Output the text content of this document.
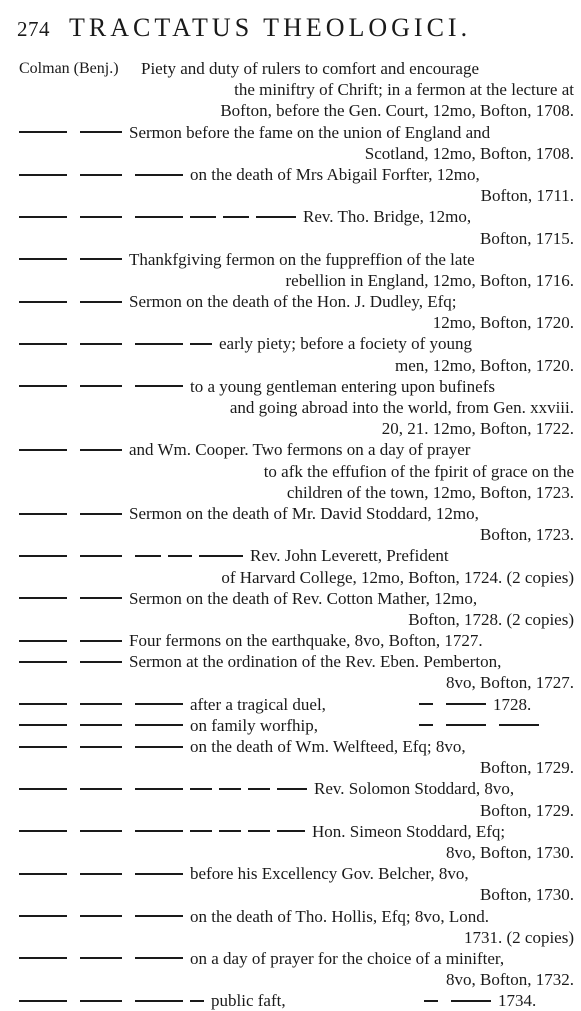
274 TRACTATUS THEOLOGICI.
Colman (Benj.) Piety and duty of rulers to comfort and encourage
the miniftry of Chrift; in a fermon at the lecture at
Bofton, before the Gen. Court, 12mo, Bofton, 1708.
Sermon before the fame on the union of England and
Scotland, 12mo, Bofton, 1708.
on the death of Mrs Abigail Forfter, 12mo,
Bofton, 1711.
Rev. Tho. Bridge, 12mo,
Bofton, 1715.
Thankfgiving fermon on the fuppreffion of the late
rebellion in England, 12mo, Bofton, 1716.
Sermon on the death of the Hon. J. Dudley, Efq;
12mo, Bofton, 1720.
early piety; before a fociety of young
men, 12mo, Bofton, 1720.
to a young gentleman entering upon bufinefs
and going abroad into the world, from Gen. xxviii.
20, 21. 12mo, Bofton, 1722.
and Wm. Cooper. Two fermons on a day of prayer
to afk the effufion of the fpirit of grace on the
children of the town, 12mo, Bofton, 1723.
Sermon on the death of Mr. David Stoddard, 12mo,
Bofton, 1723.
Rev. John Leverett, Prefident
of Harvard College, 12mo, Bofton, 1724. (2 copies)
Sermon on the death of Rev. Cotton Mather, 12mo,
Bofton, 1728. (2 copies)
Four fermons on the earthquake, 8vo, Bofton, 1727.
Sermon at the ordination of the Rev. Eben. Pemberton,
8vo, Bofton, 1727.
after a tragical duel,	1728.
on family worfhip,
on the death of Wm. Welfteed, Efq; 8vo,
Bofton, 1729.
Rev. Solomon Stoddard, 8vo,
Bofton, 1729.
Hon. Simeon Stoddard, Efq;
8vo, Bofton, 1730.
before his Excellency Gov. Belcher, 8vo,
Bofton, 1730.
on the death of Tho. Hollis, Efq; 8vo, Lond.
1731. (2 copies)
on a day of prayer for the choice of a minifter,
8vo, Bofton, 1732.
public faft,	1734.
